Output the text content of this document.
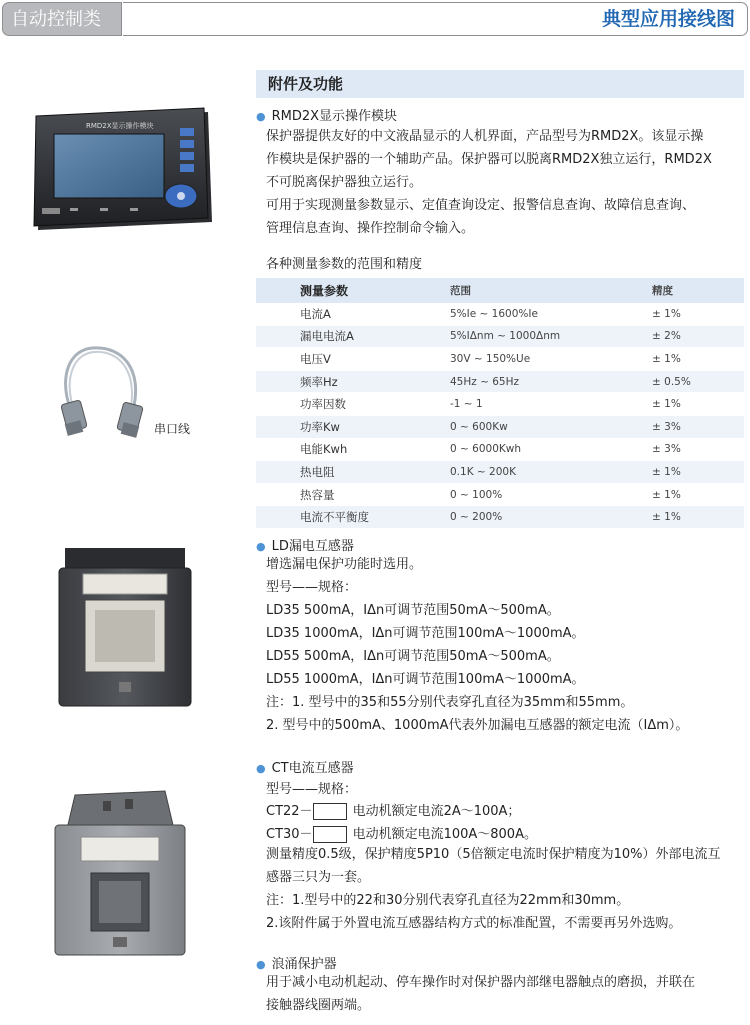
自动控制类	典型应用接线图
附件及功能
RMD2X显示操作模块
● RMD2X显示操作模块
保护器提供友好的中文液晶显示的人机界面，产品型号为RMD2X。该显示操
作模块是保护器的一个辅助产品。保护器可以脱离RMD2X独立运行，RMD2X
不可脱离保护器独立运行。
可用于实现测量参数显示、定值查询设定、报警信息查询、故障信息查询、
管理信息查询、操作控制命令输入。
各种测量参数的范围和精度
测量参数	范围	精度
电流A	5%Ie ~ 1600%Ie	± 1%
漏电电流A	5%IΔnm ~ 1000Δnm	± 2%
电压V	30V ~ 150%Ue	± 1%
频率Hz	45Hz ~ 65Hz	± 0.5%
功率因数	-1 ~ 1	± 1%
功率Kw	0 ~ 600Kw	± 3%
电能Kwh	0 ~ 6000Kwh	± 3%
热电阻	0.1K ~ 200K	± 1%
热容量	0 ~ 100%	± 1%
电流不平衡度	0 ~ 200%	± 1%
串口线
● LD漏电互感器
增选漏电保护功能时选用。
型号——规格：
LD35 500mA，IΔn可调节范围50mA～500mA。
LD35 1000mA，IΔn可调节范围100mA～1000mA。
LD55 500mA，IΔn可调节范围50mA～500mA。
LD55 1000mA，IΔn可调节范围100mA～1000mA。
注：1. 型号中的35和55分别代表穿孔直径为35mm和55mm。
2. 型号中的500mA、1000mA代表外加漏电互感器的额定电流（IΔm）。
● CT电流互感器
型号——规格：
CT22－	电动机额定电流2A～100A；
CT30－	电动机额定电流100A～800A。
测量精度0.5级，保护精度5P10（5倍额定电流时保护精度为10%）外部电流互
感器三只为一套。
注：1.型号中的22和30分别代表穿孔直径为22mm和30mm。
2.该附件属于外置电流互感器结构方式的标准配置，不需要再另外选购。
● 浪涌保护器
用于减小电动机起动、停车操作时对保护器内部继电器触点的磨损，并联在
接触器线圈两端。
